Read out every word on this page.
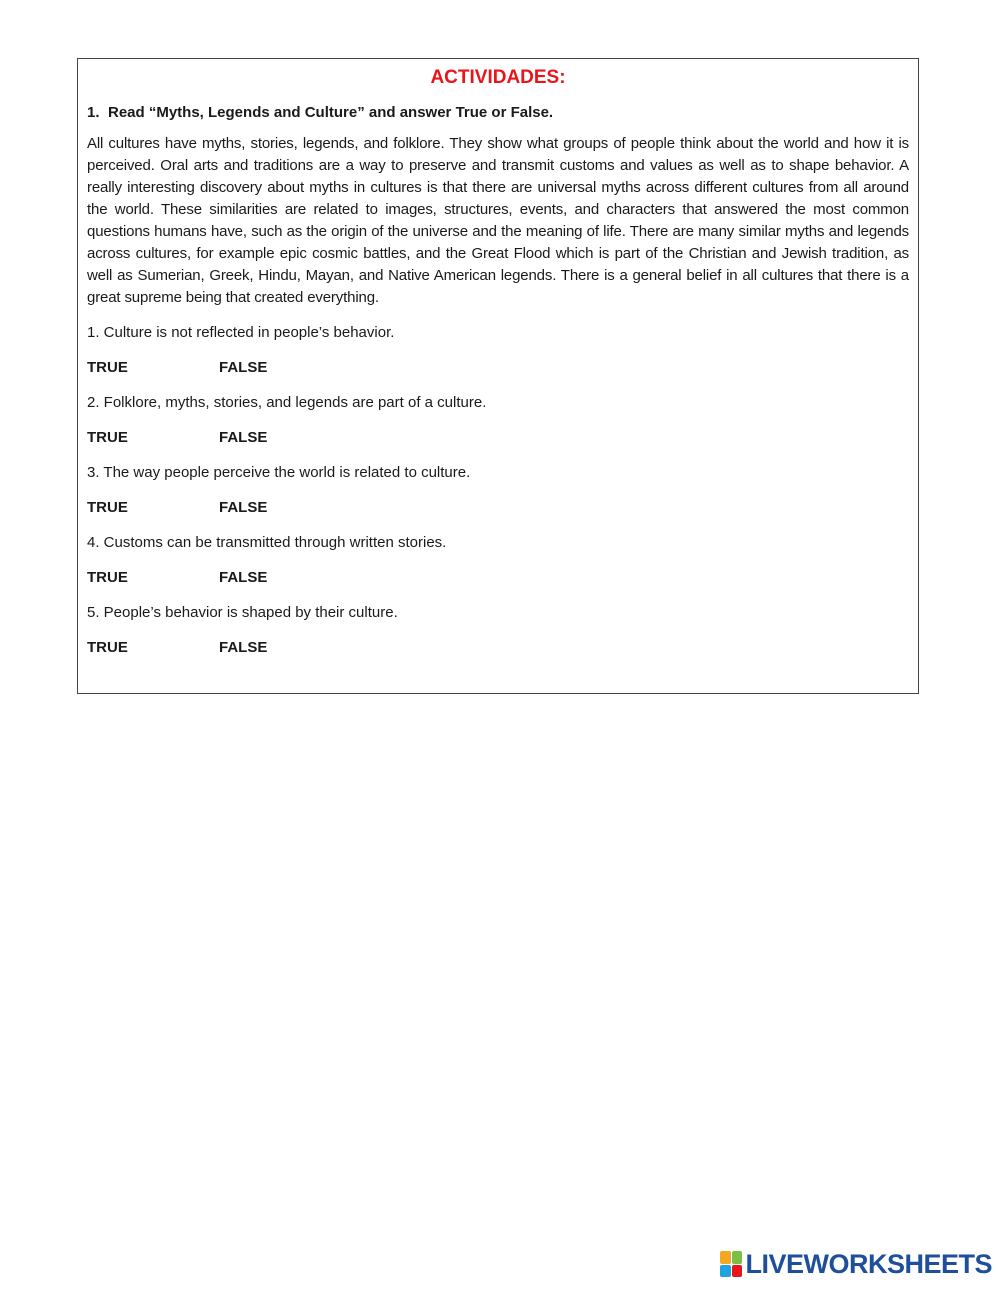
ACTIVIDADES:
1. Read “Myths, Legends and Culture” and answer True or False.
All cultures have myths, stories, legends, and folklore. They show what groups of people think about the world and how it is perceived. Oral arts and traditions are a way to preserve and transmit customs and values as well as to shape behavior. A really interesting discovery about myths in cultures is that there are universal myths across different cultures from all around the world. These similarities are related to images, structures, events, and characters that answered the most common questions humans have, such as the origin of the universe and the meaning of life. There are many similar myths and legends across cultures, for example epic cosmic battles, and the Great Flood which is part of the Christian and Jewish tradition, as well as Sumerian, Greek, Hindu, Mayan, and Native American legends. There is a general belief in all cultures that there is a great supreme being that created everything.
1. Culture is not reflected in people’s behavior.
TRUE	FALSE
2. Folklore, myths, stories, and legends are part of a culture.
TRUE	FALSE
3. The way people perceive the world is related to culture.
TRUE	FALSE
4. Customs can be transmitted through written stories.
TRUE	FALSE
5. People’s behavior is shaped by their culture.
TRUE	FALSE
LIVEWORKSHEETS
